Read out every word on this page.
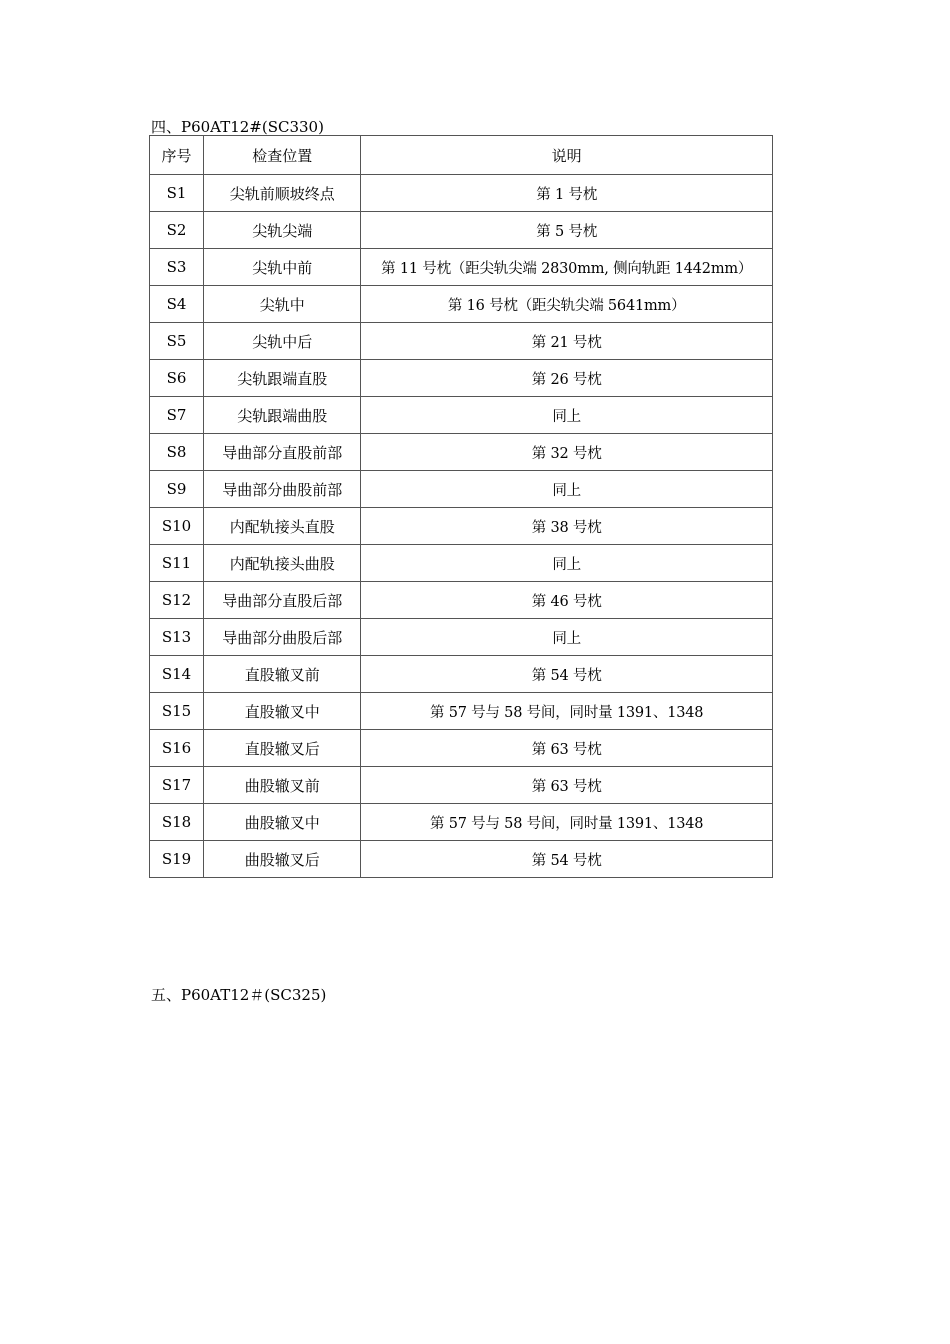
四、P60AT12#(SC330)
序号	检查位置	说明
S1	尖轨前顺坡终点	第 1 号枕
S2	尖轨尖端	第 5 号枕
S3	尖轨中前	第 11 号枕（距尖轨尖端 2830mm, 侧向轨距 1442mm）
S4	尖轨中	第 16 号枕（距尖轨尖端 5641mm）
S5	尖轨中后	第 21 号枕
S6	尖轨跟端直股	第 26 号枕
S7	尖轨跟端曲股	同上
S8	导曲部分直股前部	第 32 号枕
S9	导曲部分曲股前部	同上
S10	内配轨接头直股	第 38 号枕
S11	内配轨接头曲股	同上
S12	导曲部分直股后部	第 46 号枕
S13	导曲部分曲股后部	同上
S14	直股辙叉前	第 54 号枕
S15	直股辙叉中	第 57 号与 58 号间，同时量 1391、1348
S16	直股辙叉后	第 63 号枕
S17	曲股辙叉前	第 63 号枕
S18	曲股辙叉中	第 57 号与 58 号间，同时量 1391、1348
S19	曲股辙叉后	第 54 号枕
五、P60AT12＃(SC325)
